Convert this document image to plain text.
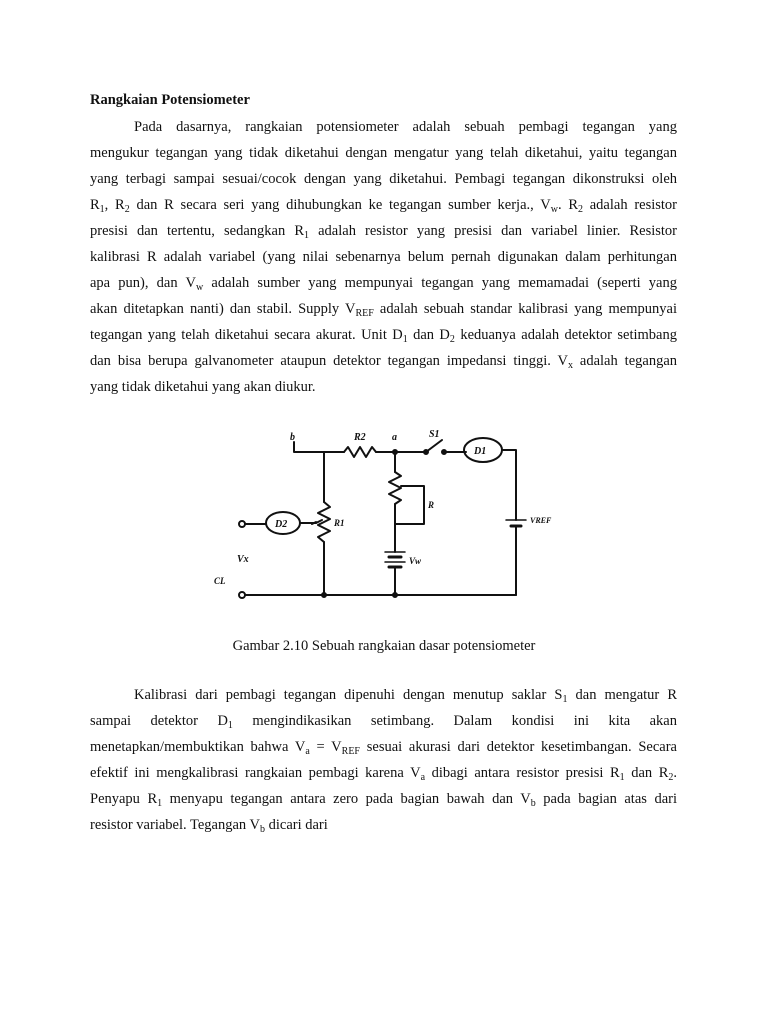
Rangkaian Potensiometer
Pada dasarnya, rangkaian potensiometer adalah sebuah pembagi tegangan yang
mengukur tegangan yang tidak diketahui dengan mengatur yang telah diketahui, yaitu tegangan
yang terbagi sampai sesuai/cocok dengan yang diketahui. Pembagi tegangan dikonstruksi oleh
$R_1$, $R_2$ dan R secara seri yang dihubungkan ke tegangan sumber kerja., $V_w$. $R_2$ adalah resistor
presisi dan tertentu, sedangkan $R_1$ adalah resistor yang presisi dan variabel linier. Resistor
kalibrasi R adalah variabel (yang nilai sebenarnya belum pernah digunakan dalam perhitungan
apa pun), dan $V_w$ adalah sumber yang mempunyai tegangan yang memamadai (seperti yang
akan ditetapkan nanti) dan stabil. Supply $V_{REF}$ adalah sebuah standar kalibrasi yang mempunyai
tegangan yang telah diketahui secara akurat. Unit $D_1$ dan $D_2$ keduanya adalah detektor setimbang
dan bisa berupa galvanometer ataupun detektor tegangan impedansi tinggi. $V_x$ adalah tegangan
yang tidak diketahui yang akan diukur.
b	R2	a	S1
D1
D2	R1
R
Vw
VREF
Vx
CL
Gambar 2.10 Sebuah rangkaian dasar potensiometer
Kalibrasi dari pembagi tegangan dipenuhi dengan menutup saklar $S_1$ dan mengatur R
sampai detektor $D_1$ mengindikasikan setimbang. Dalam kondisi ini kita akan
menetapkan/membuktikan bahwa $V_a = V_{REF}$ sesuai akurasi dari detektor kesetimbangan. Secara
efektif ini mengkalibrasi rangkaian pembagi karena $V_a$ dibagi antara resistor presisi $R_1$ dan $R_2$.
Penyapu $R_1$ menyapu tegangan antara zero pada bagian bawah dan $V_b$ pada bagian atas dari
resistor variabel. Tegangan $V_b$ dicari dari
